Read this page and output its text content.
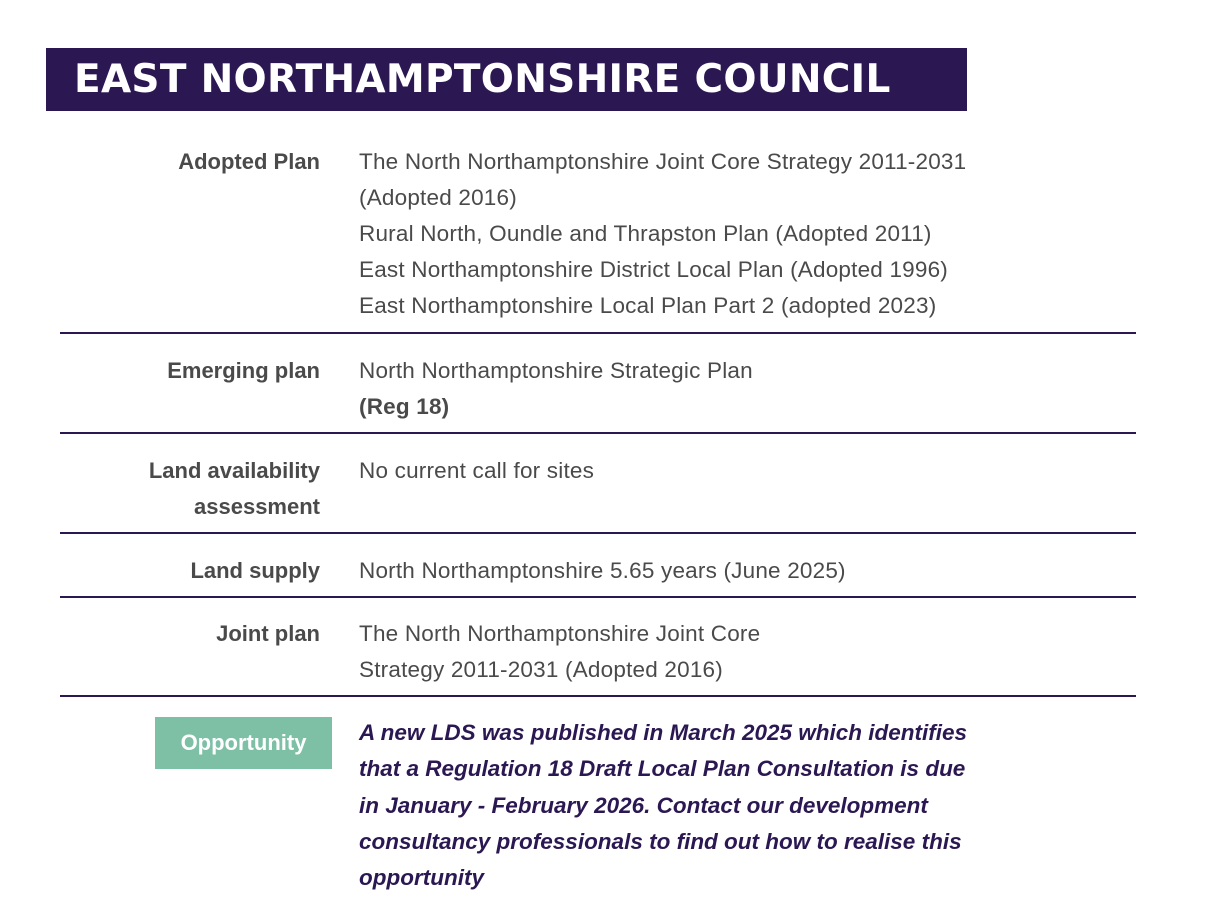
EAST NORTHAMPTONSHIRE COUNCIL
Adopted Plan The North Northamptonshire Joint Core Strategy 2011-2031
(Adopted 2016)
Rural North, Oundle and Thrapston Plan (Adopted 2011)
East Northamptonshire District Local Plan (Adopted 1996)
East Northamptonshire Local Plan Part 2 (adopted 2023)
Emerging plan North Northamptonshire Strategic Plan
(Reg 18)
Land availability
assessment
No current call for sites
Land supply North Northamptonshire 5.65 years (June 2025)
Joint plan The North Northamptonshire Joint Core
Strategy 2011-2031 (Adopted 2016)
Opportunity	A new LDS was published in March 2025 which identifies
that a Regulation 18 Draft Local Plan Consultation is due
in January - February 2026. Contact our development
consultancy professionals to find out how to realise this
opportunity
